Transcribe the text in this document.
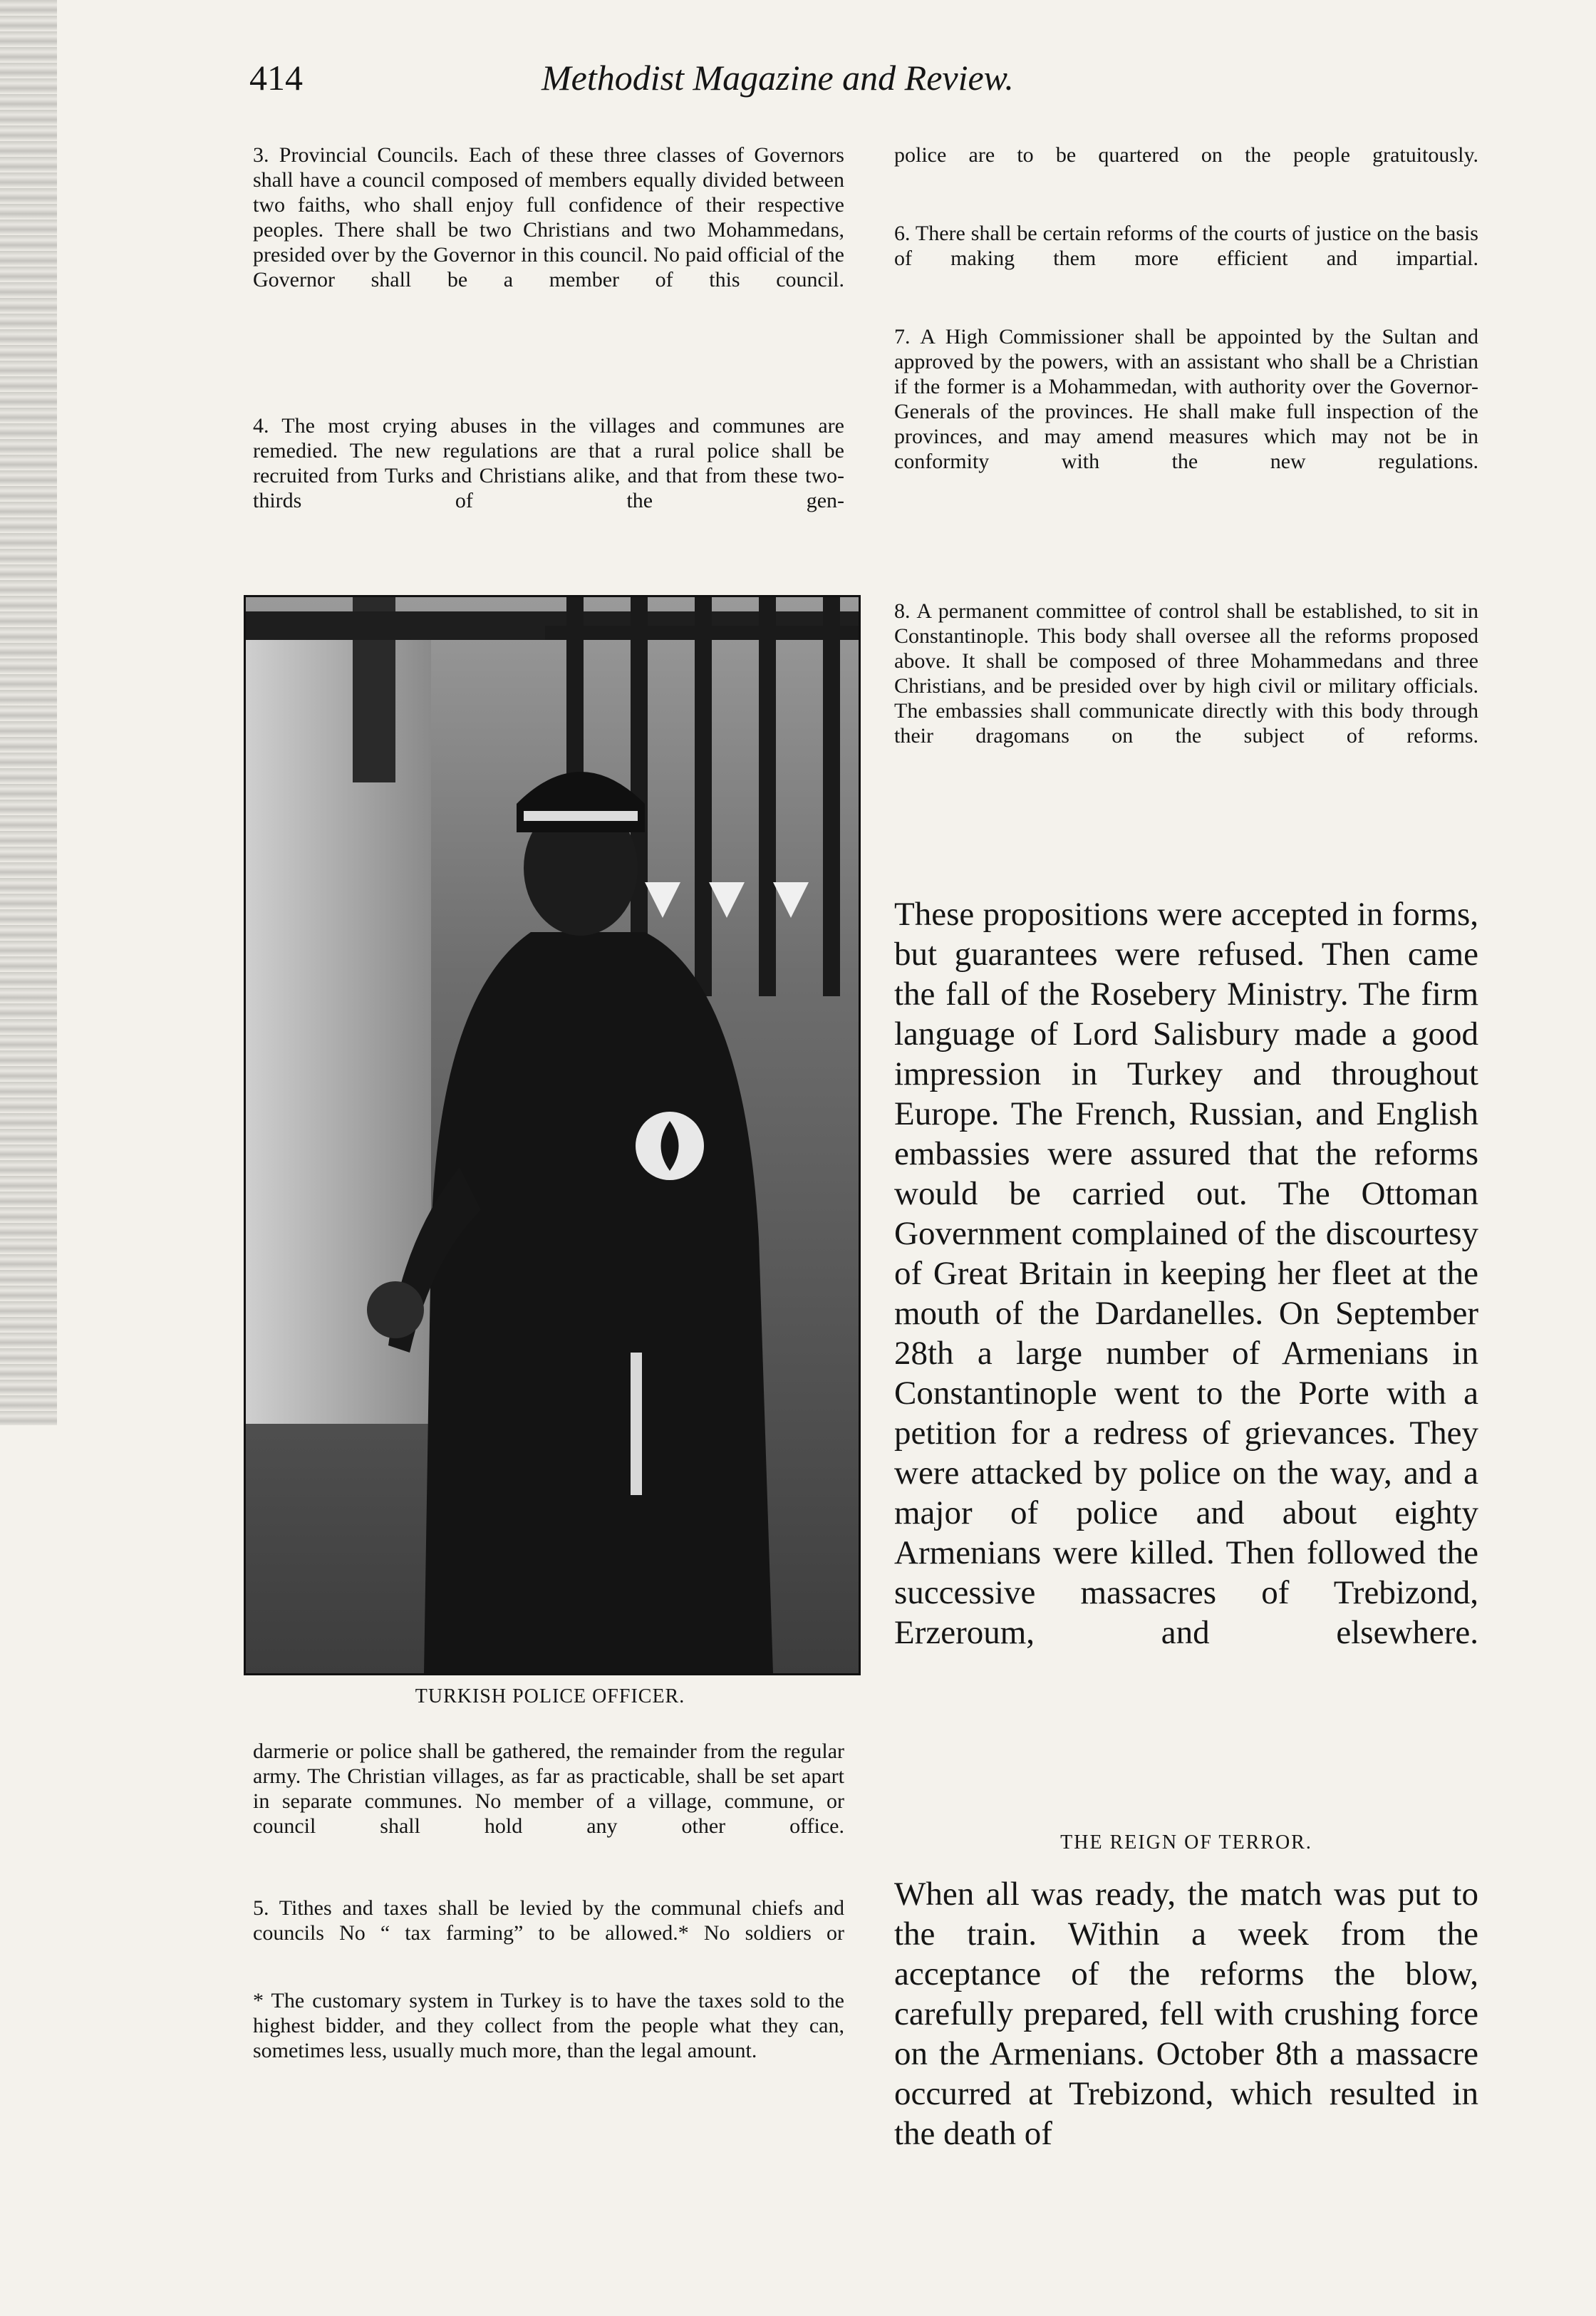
414	Methodist Magazine and Review.

3. Provincial Councils. Each of these three classes of Governors shall have a council composed of members equally divided between two faiths, who shall enjoy full confidence of their respective peoples. There shall be two Christians and two Mohammedans, presided over by the Governor in this council. No paid official of the Governor shall be a member of this council.

4. The most crying abuses in the villages and communes are remedied. The new regulations are that a rural police shall be recruited from Turks and Christians alike, and that from these two-thirds of the gen-

TURKISH POLICE OFFICER.

darmerie or police shall be gathered, the remainder from the regular army. The Christian villages, as far as practicable, shall be set apart in separate communes. No member of a village, commune, or council shall hold any other office.

5. Tithes and taxes shall be levied by the communal chiefs and councils No “ tax farming” to be allowed.* No soldiers or

* The customary system in Turkey is to have the taxes sold to the highest bidder, and they collect from the people what they can, sometimes less, usually much more, than the legal amount.

police are to be quartered on the people gratuitously.

6. There shall be certain reforms of the courts of justice on the basis of making them more efficient and impartial.

7. A High Commissioner shall be appointed by the Sultan and approved by the powers, with an assistant who shall be a Christian if the former is a Mohammedan, with authority over the Governor-Generals of the provinces. He shall make full inspection of the provinces, and may amend measures which may not be in conformity with the new regulations.

8. A permanent committee of control shall be established, to sit in Constantinople. This body shall oversee all the reforms proposed above. It shall be composed of three Mohammedans and three Christians, and be presided over by high civil or military officials. The embassies shall communicate directly with this body through their dragomans on the subject of reforms.

These propositions were accepted in forms, but guarantees were refused. Then came the fall of the Rosebery Ministry. The firm language of Lord Salisbury made a good impression in Turkey and throughout Europe. The French, Russian, and English embassies were assured that the reforms would be carried out. The Ottoman Government complained of the discourtesy of Great Britain in keeping her fleet at the mouth of the Dardanelles. On September 28th a large number of Armenians in Constantinople went to the Porte with a petition for a redress of grievances. They were attacked by police on the way, and a major of police and about eighty Armenians were killed. Then followed the successive massacres of Trebizond, Erzeroum, and elsewhere.

THE REIGN OF TERROR.

When all was ready, the match was put to the train. Within a week from the acceptance of the reforms the blow, carefully prepared, fell with crushing force on the Armenians. October 8th a massacre occurred at Trebizond, which resulted in the death of
